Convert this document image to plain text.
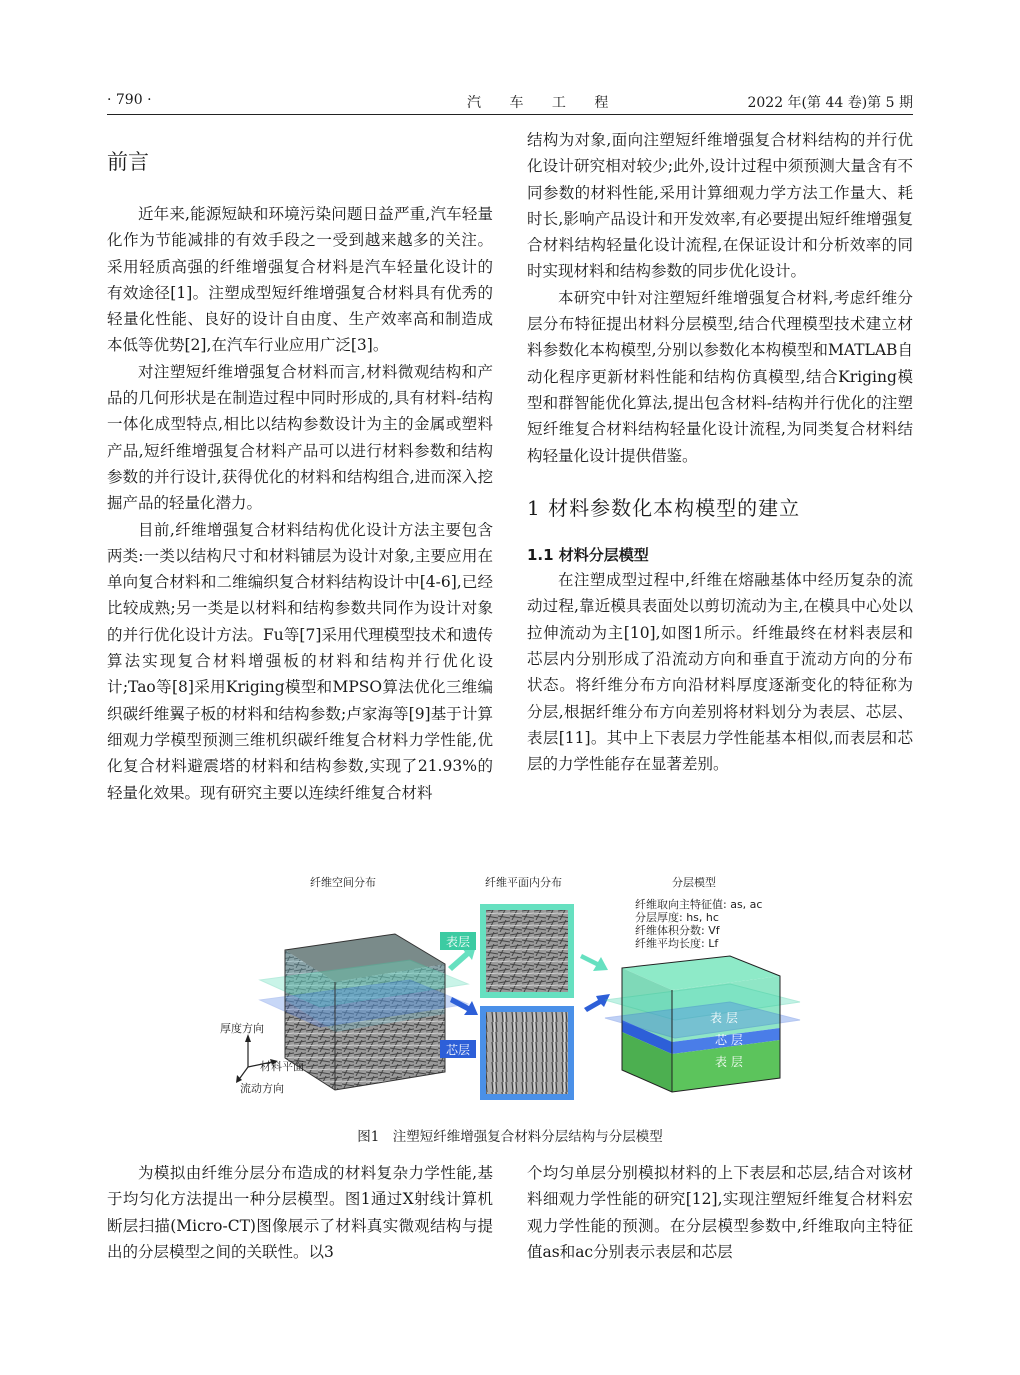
· 790 ·	汽 车 工 程	2022 年(第 44 卷)第 5 期
前言

近年来,能源短缺和环境污染问题日益严重,汽车轻量化作为节能减排的有效手段之一受到越来越多的关注。采用轻质高强的纤维增强复合材料是汽车轻量化设计的有效途径[1]。注塑成型短纤维增强复合材料具有优秀的轻量化性能、良好的设计自由度、生产效率高和制造成本低等优势[2],在汽车行业应用广泛[3]。

对注塑短纤维增强复合材料而言,材料微观结构和产品的几何形状是在制造过程中同时形成的,具有材料-结构一体化成型特点,相比以结构参数设计为主的金属或塑料产品,短纤维增强复合材料产品可以进行材料参数和结构参数的并行设计,获得优化的材料和结构组合,进而深入挖掘产品的轻量化潜力。

目前,纤维增强复合材料结构优化设计方法主要包含两类:一类以结构尺寸和材料铺层为设计对象,主要应用在单向复合材料和二维编织复合材料结构设计中[4-6],已经比较成熟;另一类是以材料和结构参数共同作为设计对象的并行优化设计方法。Fu等[7]采用代理模型技术和遗传算法实现复合材料增强板的材料和结构并行优化设计;Tao等[8]采用Kriging模型和MPSO算法优化三维编织碳纤维翼子板的材料和结构参数;卢家海等[9]基于计算细观力学模型预测三维机织碳纤维复合材料力学性能,优化复合材料避震塔的材料和结构参数,实现了21.93%的轻量化效果。现有研究主要以连续纤维复合材料

结构为对象,面向注塑短纤维增强复合材料结构的并行优化设计研究相对较少;此外,设计过程中须预测大量含有不同参数的材料性能,采用计算细观力学方法工作量大、耗时长,影响产品设计和开发效率,有必要提出短纤维增强复合材料结构轻量化设计流程,在保证设计和分析效率的同时实现材料和结构参数的同步优化设计。

本研究中针对注塑短纤维增强复合材料,考虑纤维分层分布特征提出材料分层模型,结合代理模型技术建立材料参数化本构模型,分别以参数化本构模型和MATLAB自动化程序更新材料性能和结构仿真模型,结合Kriging模型和群智能优化算法,提出包含材料-结构并行优化的注塑短纤维复合材料结构轻量化设计流程,为同类复合材料结构轻量化设计提供借鉴。

1 材料参数化本构模型的建立
1.1 材料分层模型

在注塑成型过程中,纤维在熔融基体中经历复杂的流动过程,靠近模具表面处以剪切流动为主,在模具中心处以拉伸流动为主[10],如图1所示。纤维最终在材料表层和芯层内分别形成了沿流动方向和垂直于流动方向的分布状态。将纤维分布方向沿材料厚度逐渐变化的特征称为分层,根据纤维分布方向差别将材料划分为表层、芯层、表层[11]。其中上下表层力学性能基本相似,而表层和芯层的力学性能存在显著差别。

纤维空间分布	纤维平面内分布	分层模型
纤维取向主特征值: as, ac
分层厚度: hs, hc
纤维体积分数: Vf
纤维平均长度: Lf
厚度方向
材料平面
流动方向
表层
芯层
表 层
芯 层
表 层
图1　注塑短纤维增强复合材料分层结构与分层模型

为模拟由纤维分层分布造成的材料复杂力学性能,基于均匀化方法提出一种分层模型。图1通过X射线计算机断层扫描(Micro-CT)图像展示了材料真实微观结构与提出的分层模型之间的关联性。以3

个均匀单层分别模拟材料的上下表层和芯层,结合对该材料细观力学性能的研究[12],实现注塑短纤维复合材料宏观力学性能的预测。在分层模型参数中,纤维取向主特征值as和ac分别表示表层和芯层
